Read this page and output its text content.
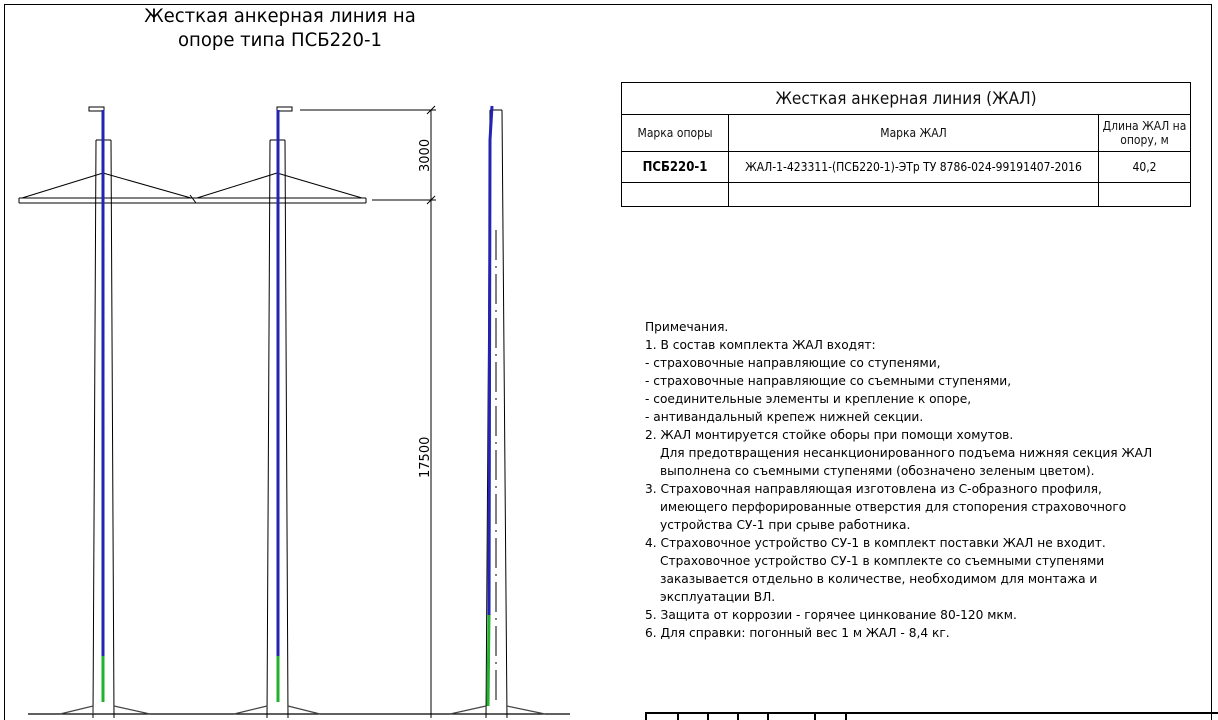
Жесткая анкерная линия на
опоре типа ПСБ220-1
3000
17500
Жесткая анкерная линия (ЖАЛ)		
Марка опоры	Марка ЖАЛ	Длина ЖАЛ на опору, м
ПСБ220-1	ЖАЛ-1-423311-(ПСБ220-1)-ЭТр ТУ 8786-024-99191407-2016	40,2

Примечания.
1. В состав комплекта ЖАЛ входят:
- страховочные направляющие со ступенями,
- страховочные направляющие со съемными ступенями,
- соединительные элементы и крепление к опоре,
- антивандальный крепеж нижней секции.
2. ЖАЛ монтируется стойке оборы при помощи хомутов.
Для предотвращения несанкционированного подъема нижняя секция ЖАЛ
выполнена со съемными ступенями (обозначено зеленым цветом).
3. Страховочная направляющая изготовлена из С-образного профиля,
имеющего перфорированные отверстия для стопорения страховочного
устройства СУ-1 при срыве работника.
4. Страховочное устройство СУ-1 в комплект поставки ЖАЛ не входит.
Страховочное устройство СУ-1 в комплекте со съемными ступенями
заказывается отдельно в количестве, необходимом для монтажа и
эксплуатации ВЛ.
5. Защита от коррозии - горячее цинкование 80-120 мкм.
6. Для справки: погонный вес 1 м ЖАЛ - 8,4 кг.
